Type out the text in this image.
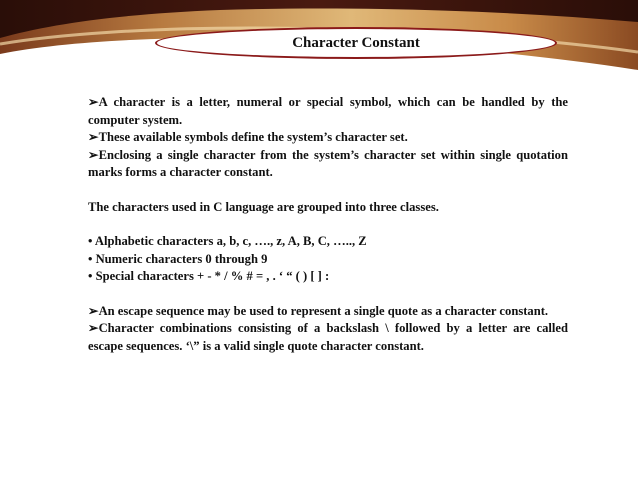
Character Constant

➢A character is a letter, numeral or special symbol, which can be handled by the computer system.

➢These available symbols define the system’s character set.

➢Enclosing a single character from the system’s character set within single quotation marks forms a character constant.

The characters used in C language are grouped into three classes.

• Alphabetic characters a, b, c, …., z, A, B, C, ….., Z

• Numeric characters 0 through 9

• Special characters + - * / % # = , . ‘ “ ( ) [ ] :

➢An escape sequence may be used to represent a single quote as a character constant.

➢Character combinations consisting of a backslash \ followed by a letter are called escape sequences. ‘\” is a valid single quote character constant.
